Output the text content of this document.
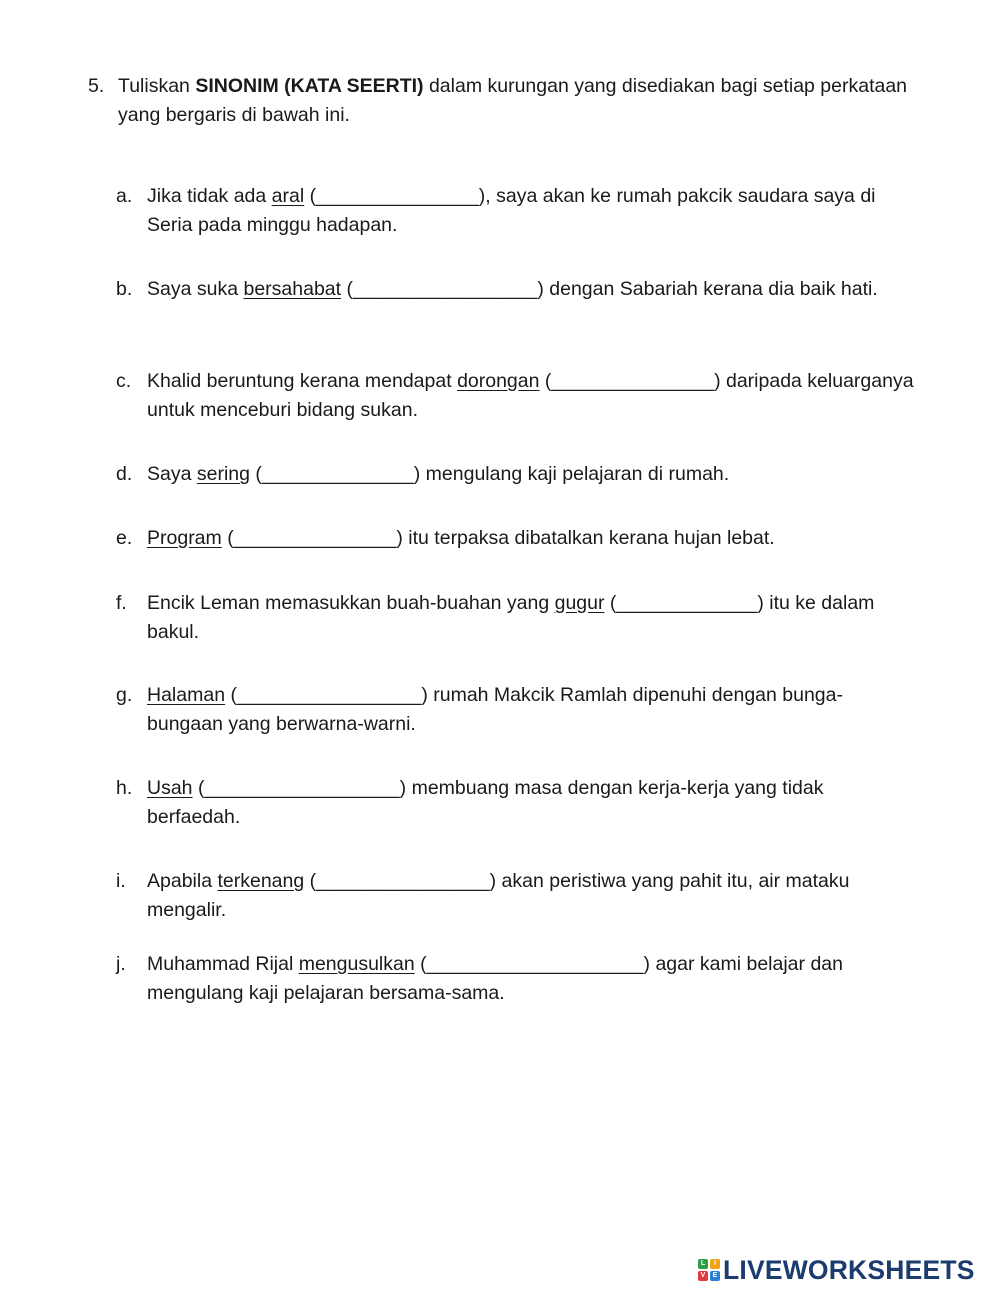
5. Tuliskan SINONIM (KATA SEERTI) dalam kurungan yang disediakan bagi setiap perkataan yang bergaris di bawah ini.
a. Jika tidak ada aral (_______________), saya akan ke rumah pakcik saudara saya di Seria pada minggu hadapan.
b. Saya suka bersahabat (_________________) dengan Sabariah kerana dia baik hati.
c. Khalid beruntung kerana mendapat dorongan (_______________) daripada keluarganya untuk menceburi bidang sukan.
d. Saya sering (______________) mengulang kaji pelajaran di rumah.
e. Program (_______________) itu terpaksa dibatalkan kerana hujan lebat.
f. Encik Leman memasukkan buah-buahan yang gugur (_____________) itu ke dalam bakul.
g. Halaman (_________________) rumah Makcik Ramlah dipenuhi dengan bunga-bungaan yang berwarna-warni.
h. Usah (__________________) membuang masa dengan kerja-kerja yang tidak berfaedah.
i. Apabila terkenang (________________) akan peristiwa yang pahit itu, air mataku mengalir.
j. Muhammad Rijal mengusulkan (____________________) agar kami belajar dan mengulang kaji pelajaran bersama-sama.
L	I
V	E LIVEWORKSHEETS
